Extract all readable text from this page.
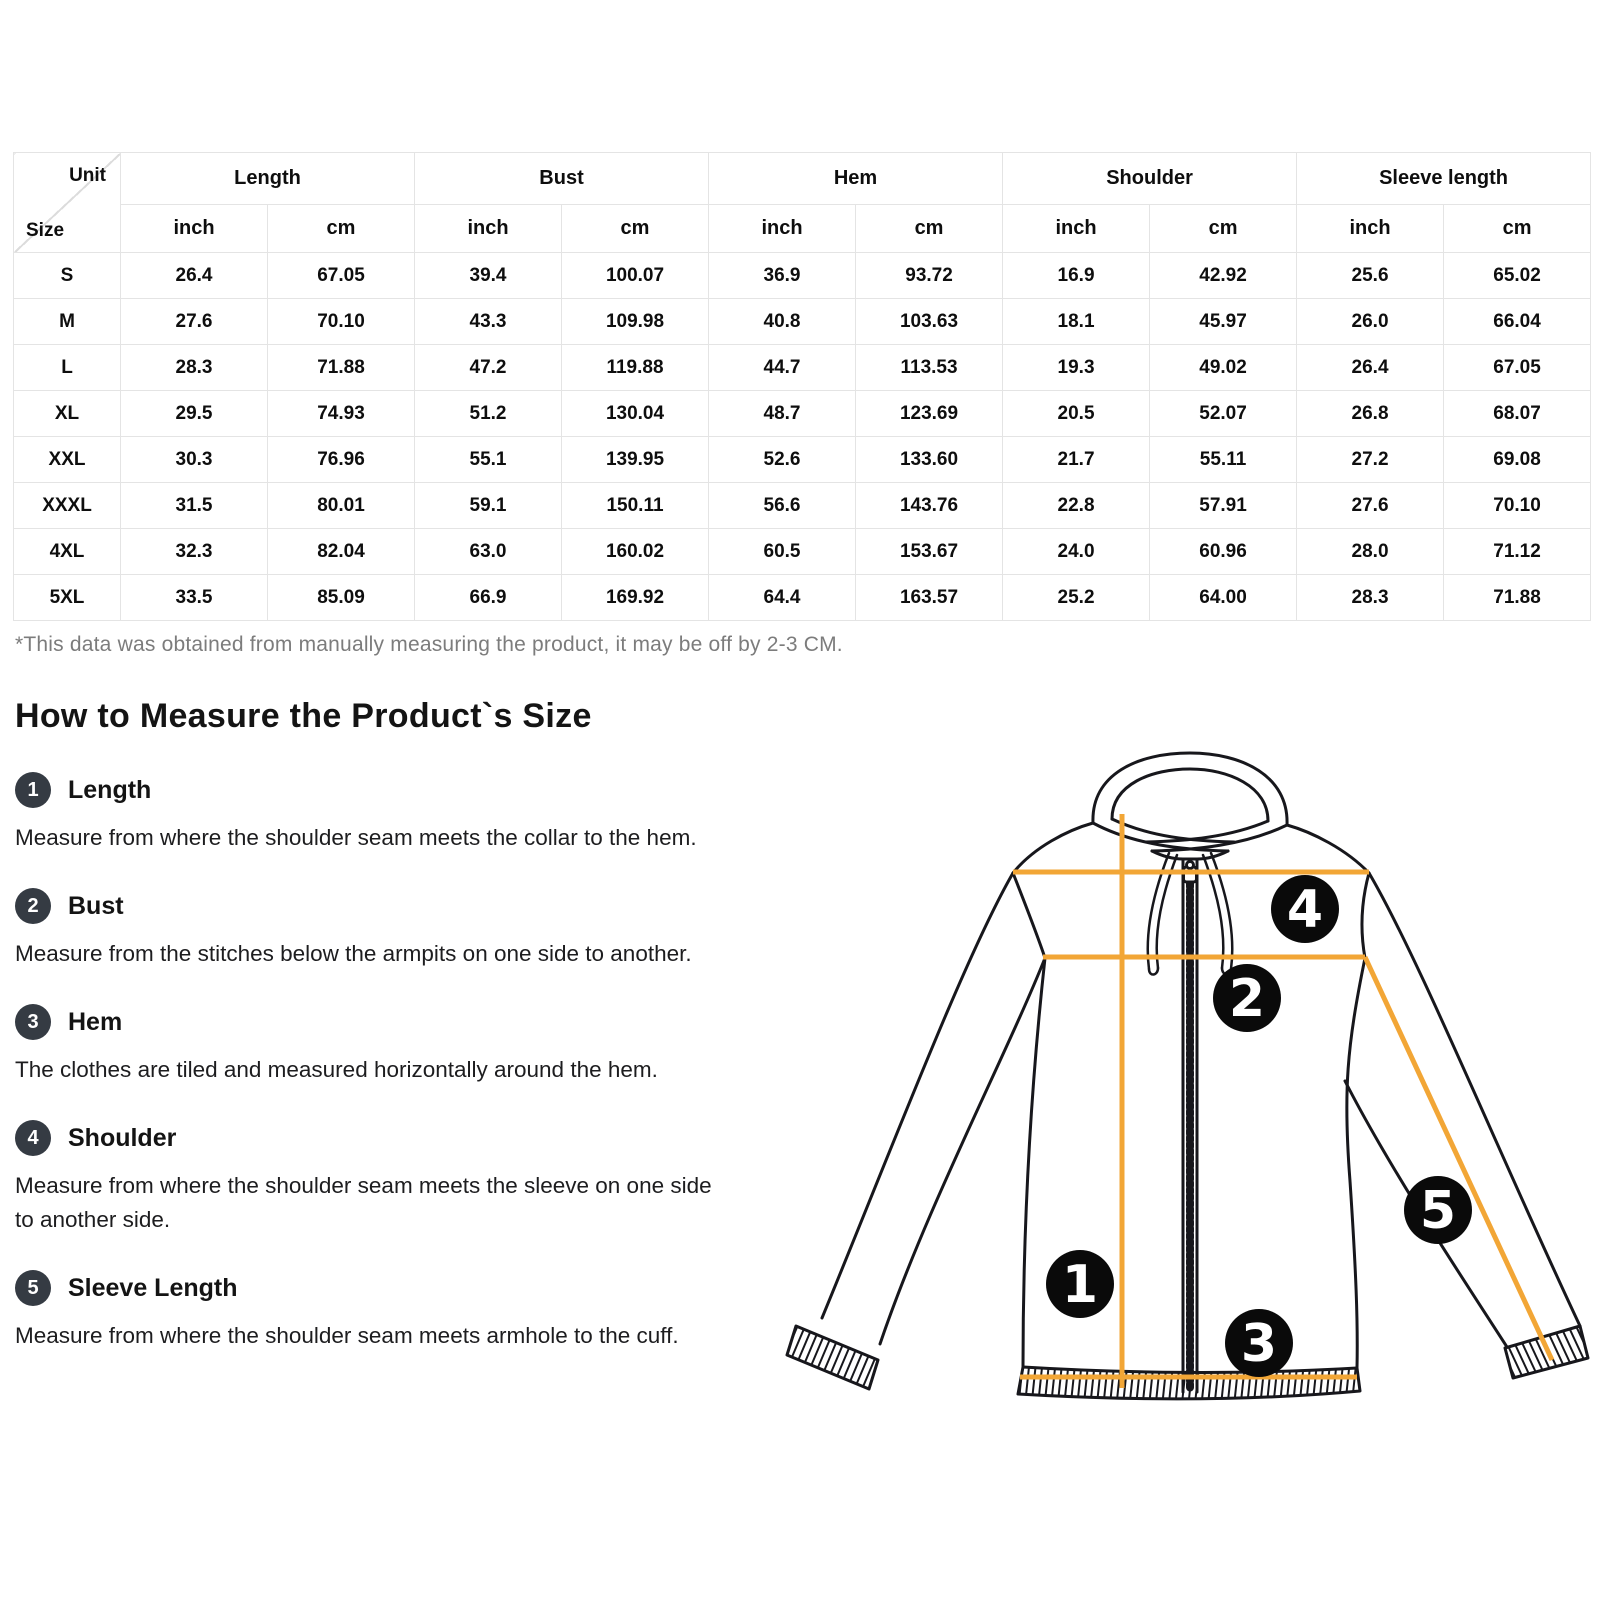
Unit
Size	Length		Bust		Hem		Shoulder		Sleeve length	
	inch	cm	inch	cm	inch	cm	inch	cm	inch	cm
S	26.4	67.05	39.4	100.07	36.9	93.72	16.9	42.92	25.6	65.02
M	27.6	70.10	43.3	109.98	40.8	103.63	18.1	45.97	26.0	66.04
L	28.3	71.88	47.2	119.88	44.7	113.53	19.3	49.02	26.4	67.05
XL	29.5	74.93	51.2	130.04	48.7	123.69	20.5	52.07	26.8	68.07
XXL	30.3	76.96	55.1	139.95	52.6	133.60	21.7	55.11	27.2	69.08
XXXL	31.5	80.01	59.1	150.11	56.6	143.76	22.8	57.91	27.6	70.10
4XL	32.3	82.04	63.0	160.02	60.5	153.67	24.0	60.96	28.0	71.12
5XL	33.5	85.09	66.9	169.92	64.4	163.57	25.2	64.00	28.3	71.88

*This data was obtained from manually measuring the product, it may be off by 2-3 CM.

How to Measure the Product`s Size
1	Length

Measure from where the shoulder seam meets the collar to the hem.

2	Bust

Measure from the stitches below the armpits on one side to another.

3	Hem

The clothes are tiled and measured horizontally around the hem.

4	Shoulder

Measure from where the shoulder seam meets the sleeve on one side to another side.

5	Sleeve Length

Measure from where the shoulder seam meets armhole to the cuff.

1
2
3
4
5
